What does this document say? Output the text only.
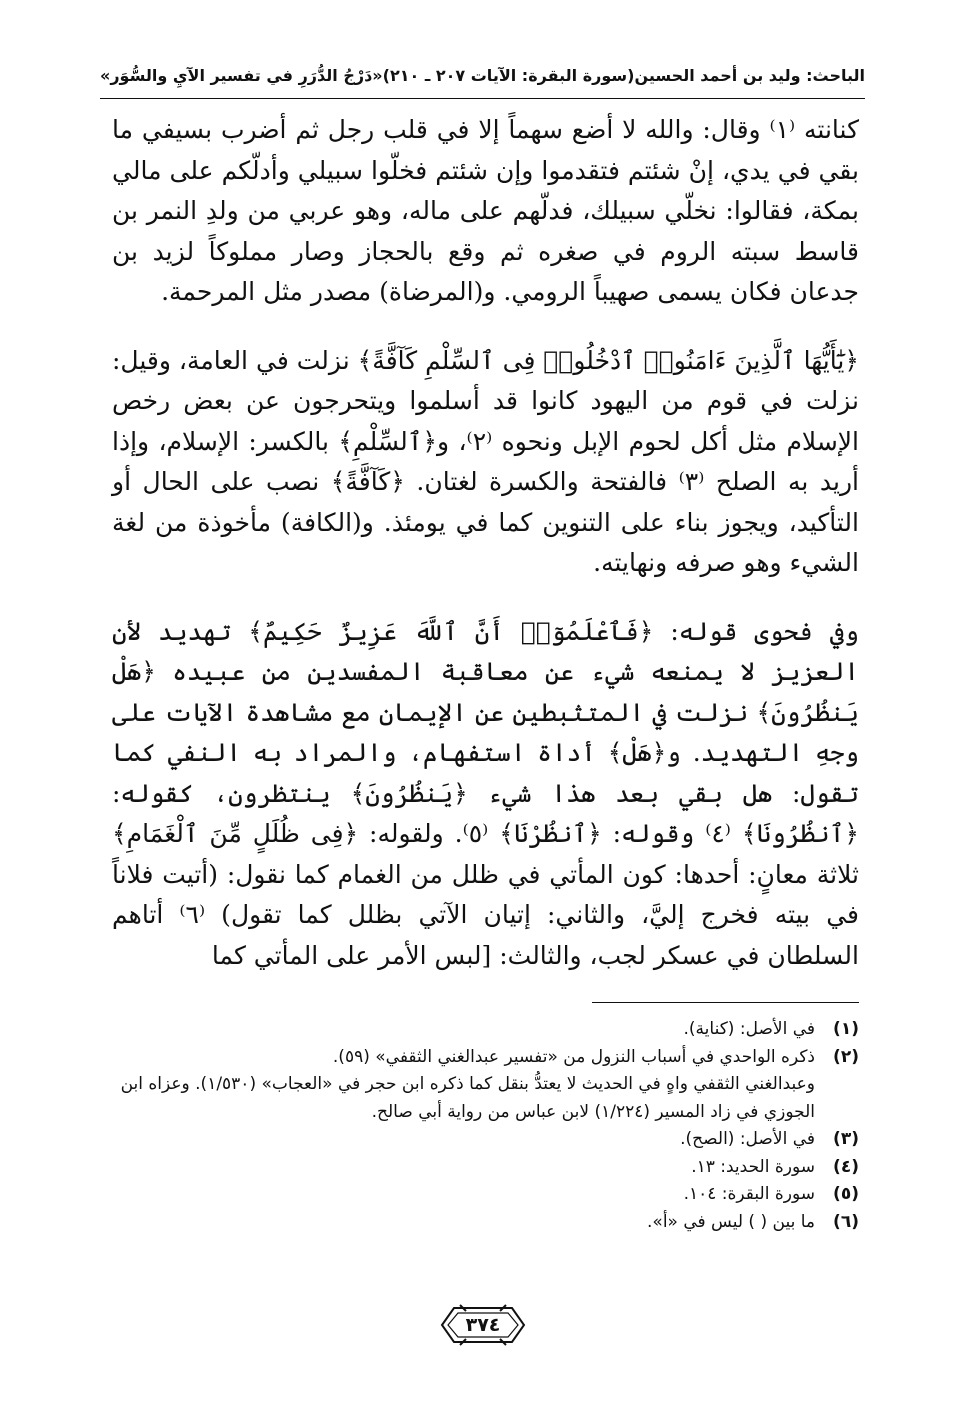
الباحث: وليد بن أحمد الحسين
(سورة البقرة: الآيات ٢٠٧ ـ ٢١٠)
«دَرْجُ الدُّرَرِ في تفسير الآيِ والسُّوَر»

كنانته ⁽١⁾ وقال: والله لا أضع سهماً إلا في قلب رجل ثم أضرب بسيفي ما بقي في يدي، إنْ شئتم فتقدموا وإن شئتم فخلّوا سبيلي وأدلّكم على مالي بمكة، فقالوا: نخلّي سبيلك، فدلّهم على ماله، وهو عربي من ولدِ النمر بن قاسط سبته الروم في صغره ثم وقع بالحجاز وصار مملوكاً لزيد بن جدعان فكان يسمى صهيباً الرومي. و(المرضاة) مصدر مثل المرحمة.

﴿يَٰٓأَيُّهَا ٱلَّذِينَ ءَامَنُوا۟ ٱدْخُلُوا۟ فِى ٱلسِّلْمِ كَآفَّةً﴾ نزلت في العامة، وقيل: نزلت في قوم من اليهود كانوا قد أسلموا ويتحرجون عن بعض رخص الإسلام مثل أكل لحوم الإبل ونحوه ⁽٢⁾، و﴿ٱلسِّلْمِ﴾ بالكسر: الإسلام، وإذا أريد به الصلح ⁽٣⁾ فالفتحة والكسرة لغتان. ﴿كَآفَّةً﴾ نصب على الحال أو التأكيد، ويجوز بناء على التنوين كما في يومئذ. و(الكافة) مأخوذة من لغة الشيء وهو صرفه ونهايته.

وفي فحوى قوله: ﴿فَٱعْلَمُوٓا۟ أَنَّ ٱللَّهَ عَزِيزٌ حَكِيمٌ﴾ تهديد لأن العزيز لا يمنعه شيء عن معاقبة المفسدين من عبيده ﴿هَلْ يَنظُرُونَ﴾ نزلت في المتثبطين عن الإيمان مع مشاهدة الآيات على وجهِ التهديد. و﴿هَلْ﴾ أداة استفهام، والمراد به النفي كما تقول: هل بقي بعد هذا شيء ﴿يَنظُرُونَ﴾ ينتظرون، كقوله: ﴿ٱنظُرُونَا﴾ ⁽٤⁾ وقوله: ﴿ٱنظُرْنَا﴾ ⁽٥⁾. ولقوله: ﴿فِى ظُلَلٍ مِّنَ ٱلْغَمَامِ﴾ ثلاثة معانٍ: أحدها: كون المأتي في ظلل من الغمام كما نقول: (أتيت فلاناً في بيته فخرج إليَّ، والثاني: إتيان الآتي بظلل كما تقول) ⁽٦⁾ أتاهم السلطان في عسكر لجب، والثالث: [لبس الأمر على المأتي كما

(١)
في الأصل: (كناية).
(٢)
ذكره الواحدي في أسباب النزول من «تفسير عبدالغني الثقفي» (٥٩).
وعبدالغني الثقفي واهٍ في الحديث لا يعتدُّ بنقل كما ذكره ابن حجر في «العجاب» (١/٥٣٠). وعزاه ابن الجوزي في زاد المسير (١/٢٢٤) لابن عباس من رواية أبي صالح.
(٣)
في الأصل: (الصح).
(٤)
سورة الحديد: ١٣.
(٥)
سورة البقرة: ١٠٤.
(٦)
ما بين ( ) ليس في «أ».
٣٧٤
